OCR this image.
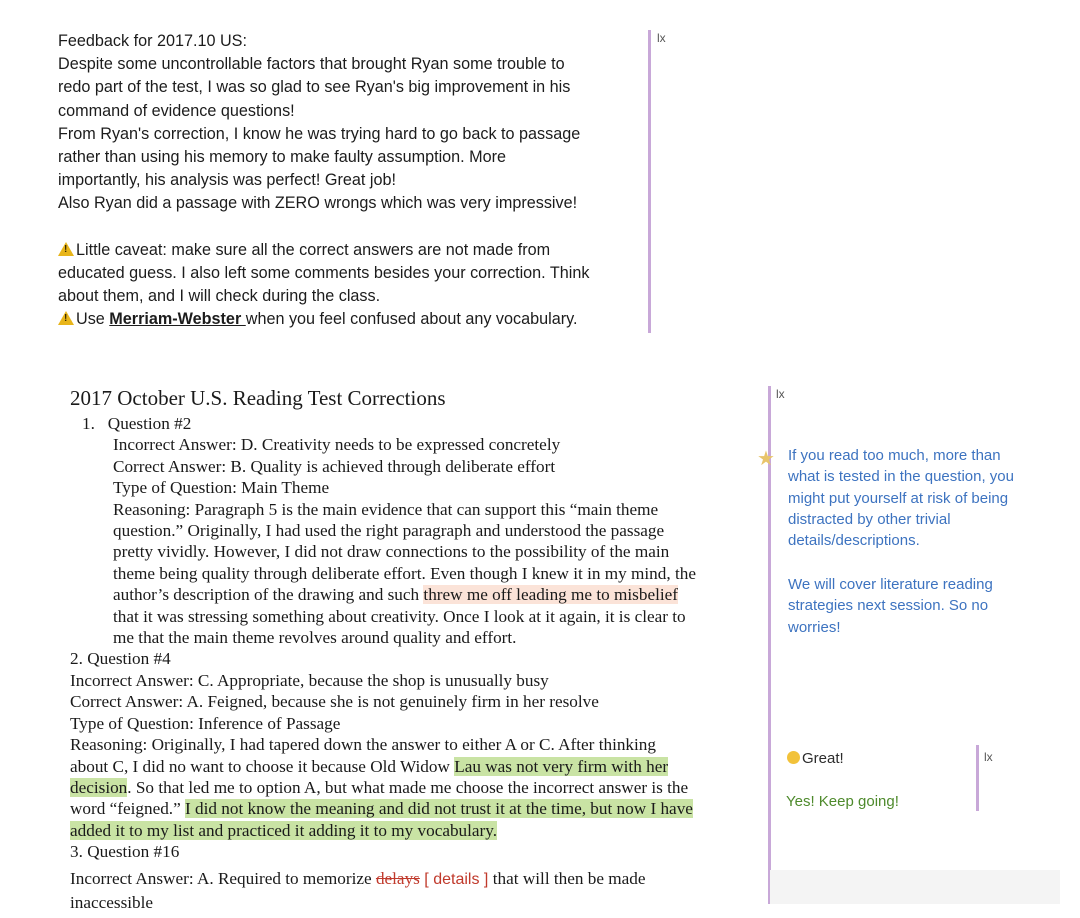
Feedback for 2017.10 US:

Despite some uncontrollable factors that brought Ryan some trouble to

redo part of the test, I was so glad to see Ryan's big improvement in his

command of evidence questions!

From Ryan's correction, I know he was trying hard to go back to passage

rather than using his memory to make faulty assumption. More

importantly, his analysis was perfect! Great job!

Also Ryan did a passage with ZERO wrongs which was very impressive!

!Little caveat: make sure all the correct answers are not made from

educated guess. I also left some comments besides your correction. Think

about them, and I will check during the class.

!Use Merriam-Webster when you feel confused about any vocabulary.

lx
2017 October U.S. Reading Test Corrections
1. Question #2
Incorrect Answer: D. Creativity needs to be expressed concretely
Correct Answer: B. Quality is achieved through deliberate effort
Type of Question: Main Theme
Reasoning: Paragraph 5 is the main evidence that can support this “main theme
question.” Originally, I had used the right paragraph and understood the passage
pretty vividly. However, I did not draw connections to the possibility of the main
theme being quality through deliberate effort. Even though I knew it in my mind, the
author’s description of the drawing and such threw me off leading me to misbelief
that it was stressing something about creativity. Once I look at it again, it is clear to
me that the main theme revolves around quality and effort.
2. Question #4
Incorrect Answer: C. Appropriate, because the shop is unusually busy
Correct Answer: A. Feigned, because she is not genuinely firm in her resolve
Type of Question: Inference of Passage
Reasoning: Originally, I had tapered down the answer to either A or C. After thinking
about C, I did no want to choose it because Old Widow Lau was not very firm with her
decision. So that led me to option A, but what made me choose the incorrect answer is the
word “feigned.” I did not know the meaning and did not trust it at the time, but now I have
added it to my list and practiced it adding it to my vocabulary.
3. Question #16
Incorrect Answer: A. Required to memorize delays [ details ] that will then be made
inaccessible
lx
★ If you read too much, more than
what is tested in the question, you
might put yourself at risk of being
distracted by other trivial
details/descriptions.
We will cover literature reading
strategies next session. So no
worries!
Great!
Yes! Keep going!
lx
